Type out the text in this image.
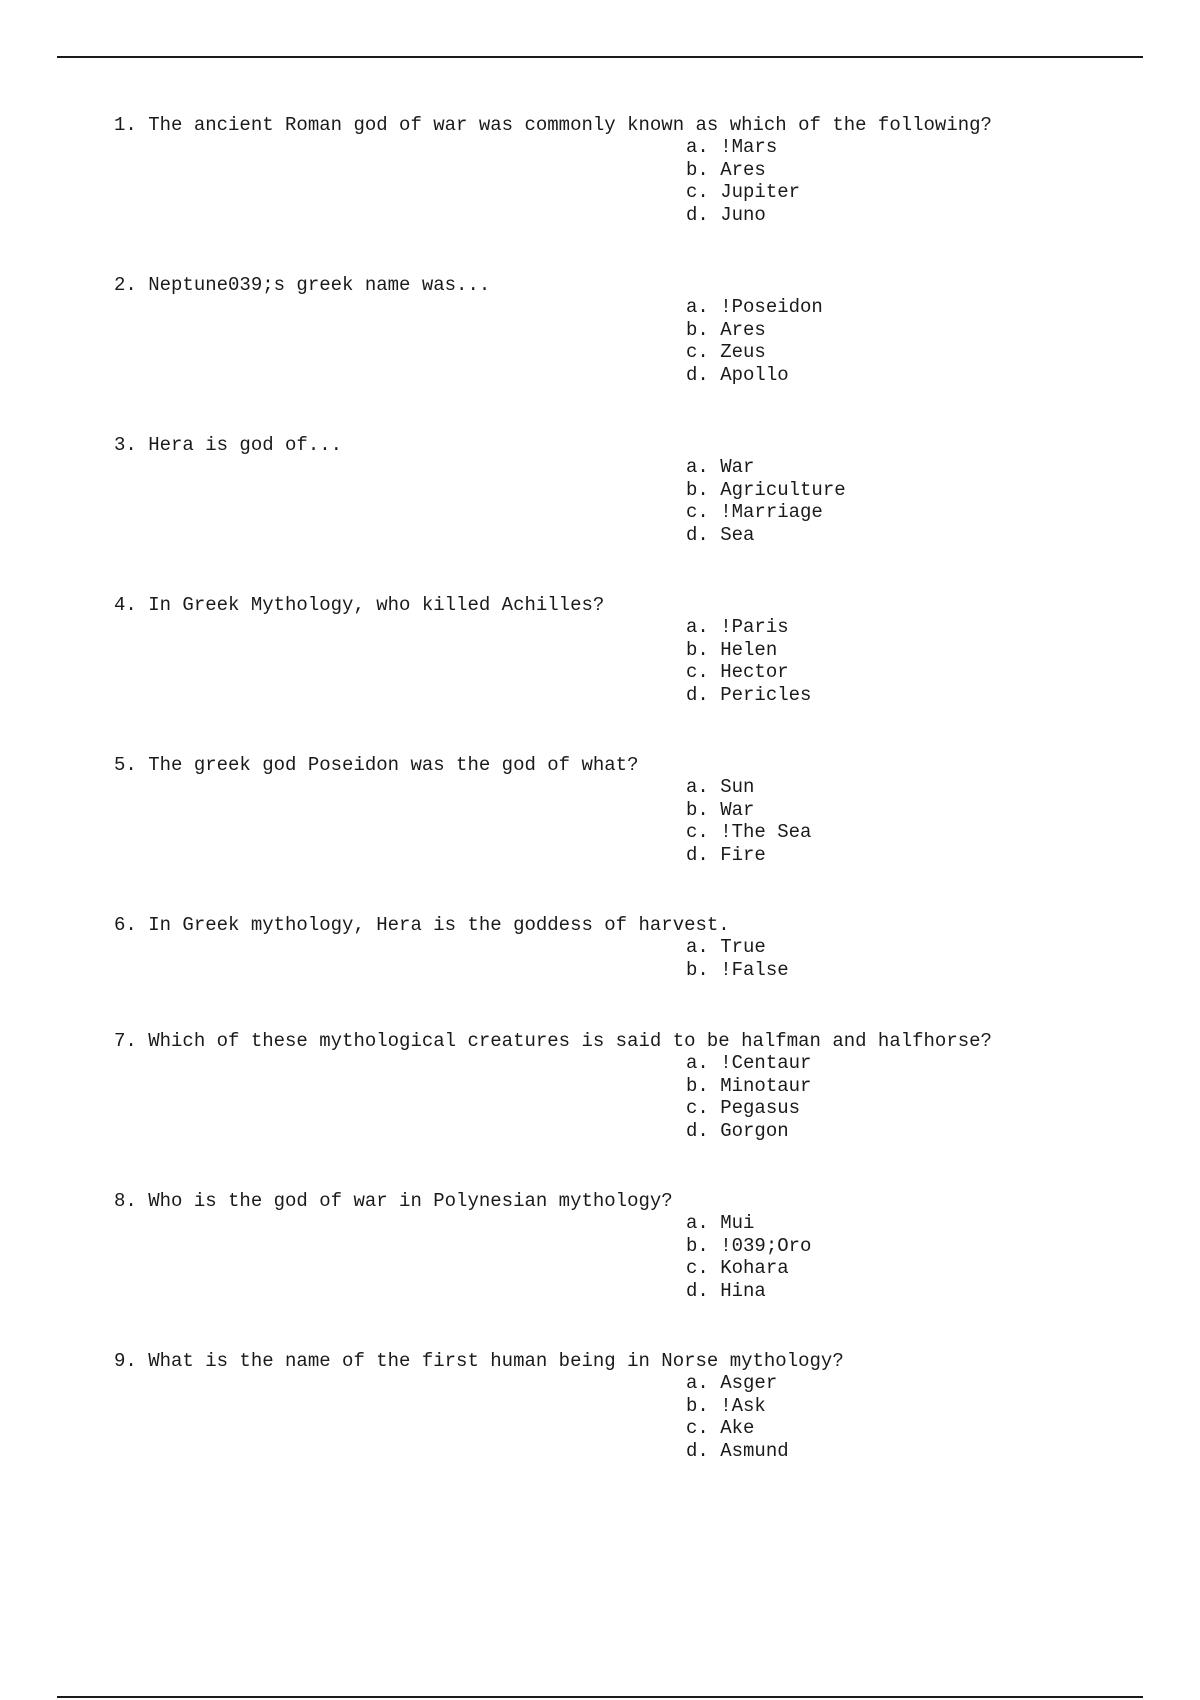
1. The ancient Roman god of war was commonly known as which of the following?
a. !Mars
b. Ares
c. Jupiter
d. Juno
2. Neptune039;s greek name was...
a. !Poseidon
b. Ares
c. Zeus
d. Apollo
3. Hera is god of...
a. War
b. Agriculture
c. !Marriage
d. Sea
4. In Greek Mythology, who killed Achilles?
a. !Paris
b. Helen
c. Hector
d. Pericles
5. The greek god Poseidon was the god of what?
a. Sun
b. War
c. !The Sea
d. Fire
6. In Greek mythology, Hera is the goddess of harvest.
a. True
b. !False
7. Which of these mythological creatures is said to be halfman and halfhorse?
a. !Centaur
b. Minotaur
c. Pegasus
d. Gorgon
8. Who is the god of war in Polynesian mythology?
a. Mui
b. !039;Oro
c. Kohara
d. Hina
9. What is the name of the first human being in Norse mythology?
a. Asger
b. !Ask
c. Ake
d. Asmund
